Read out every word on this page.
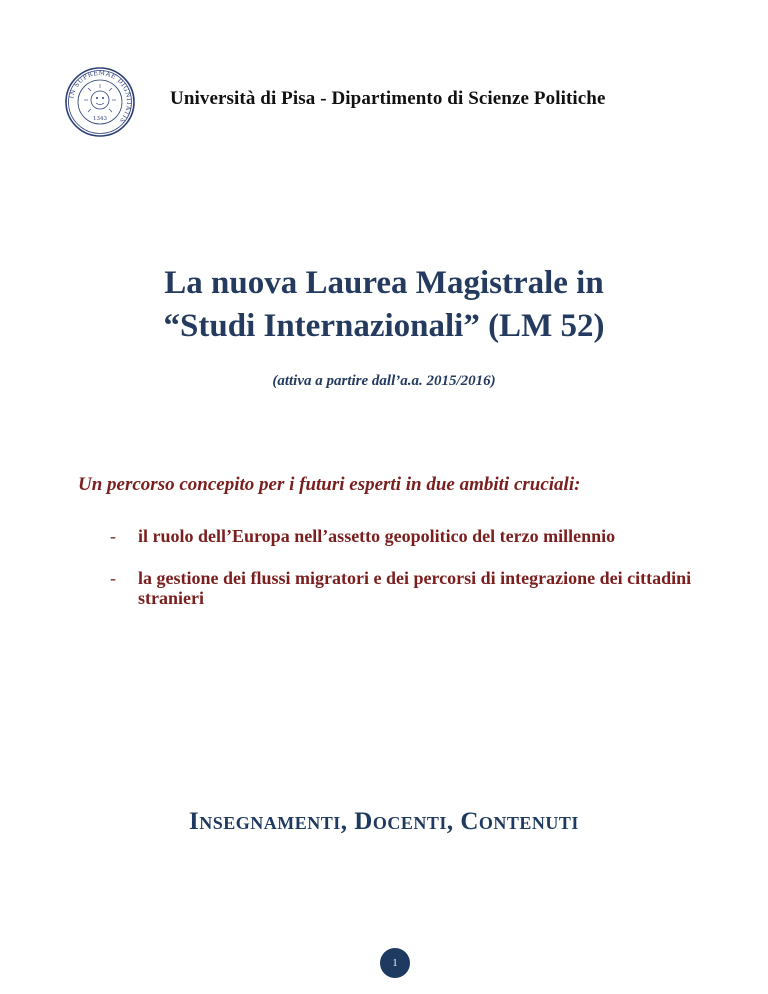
IN SUPREMAE DIGNITATIS
1343
Università di Pisa - Dipartimento di Scienze Politiche
La nuova Laurea Magistrale in
“Studi Internazionali” (LM 52)

(attiva a partire dall’a.a. 2015/2016)

Un percorso concepito per i futuri esperti in due ambiti cruciali:

- il ruolo dell’Europa nell’assetto geopolitico del terzo millennio
- la gestione dei flussi migratori e dei percorsi di integrazione dei cittadini stranieri
Insegnamenti, Docenti, Contenuti
1
